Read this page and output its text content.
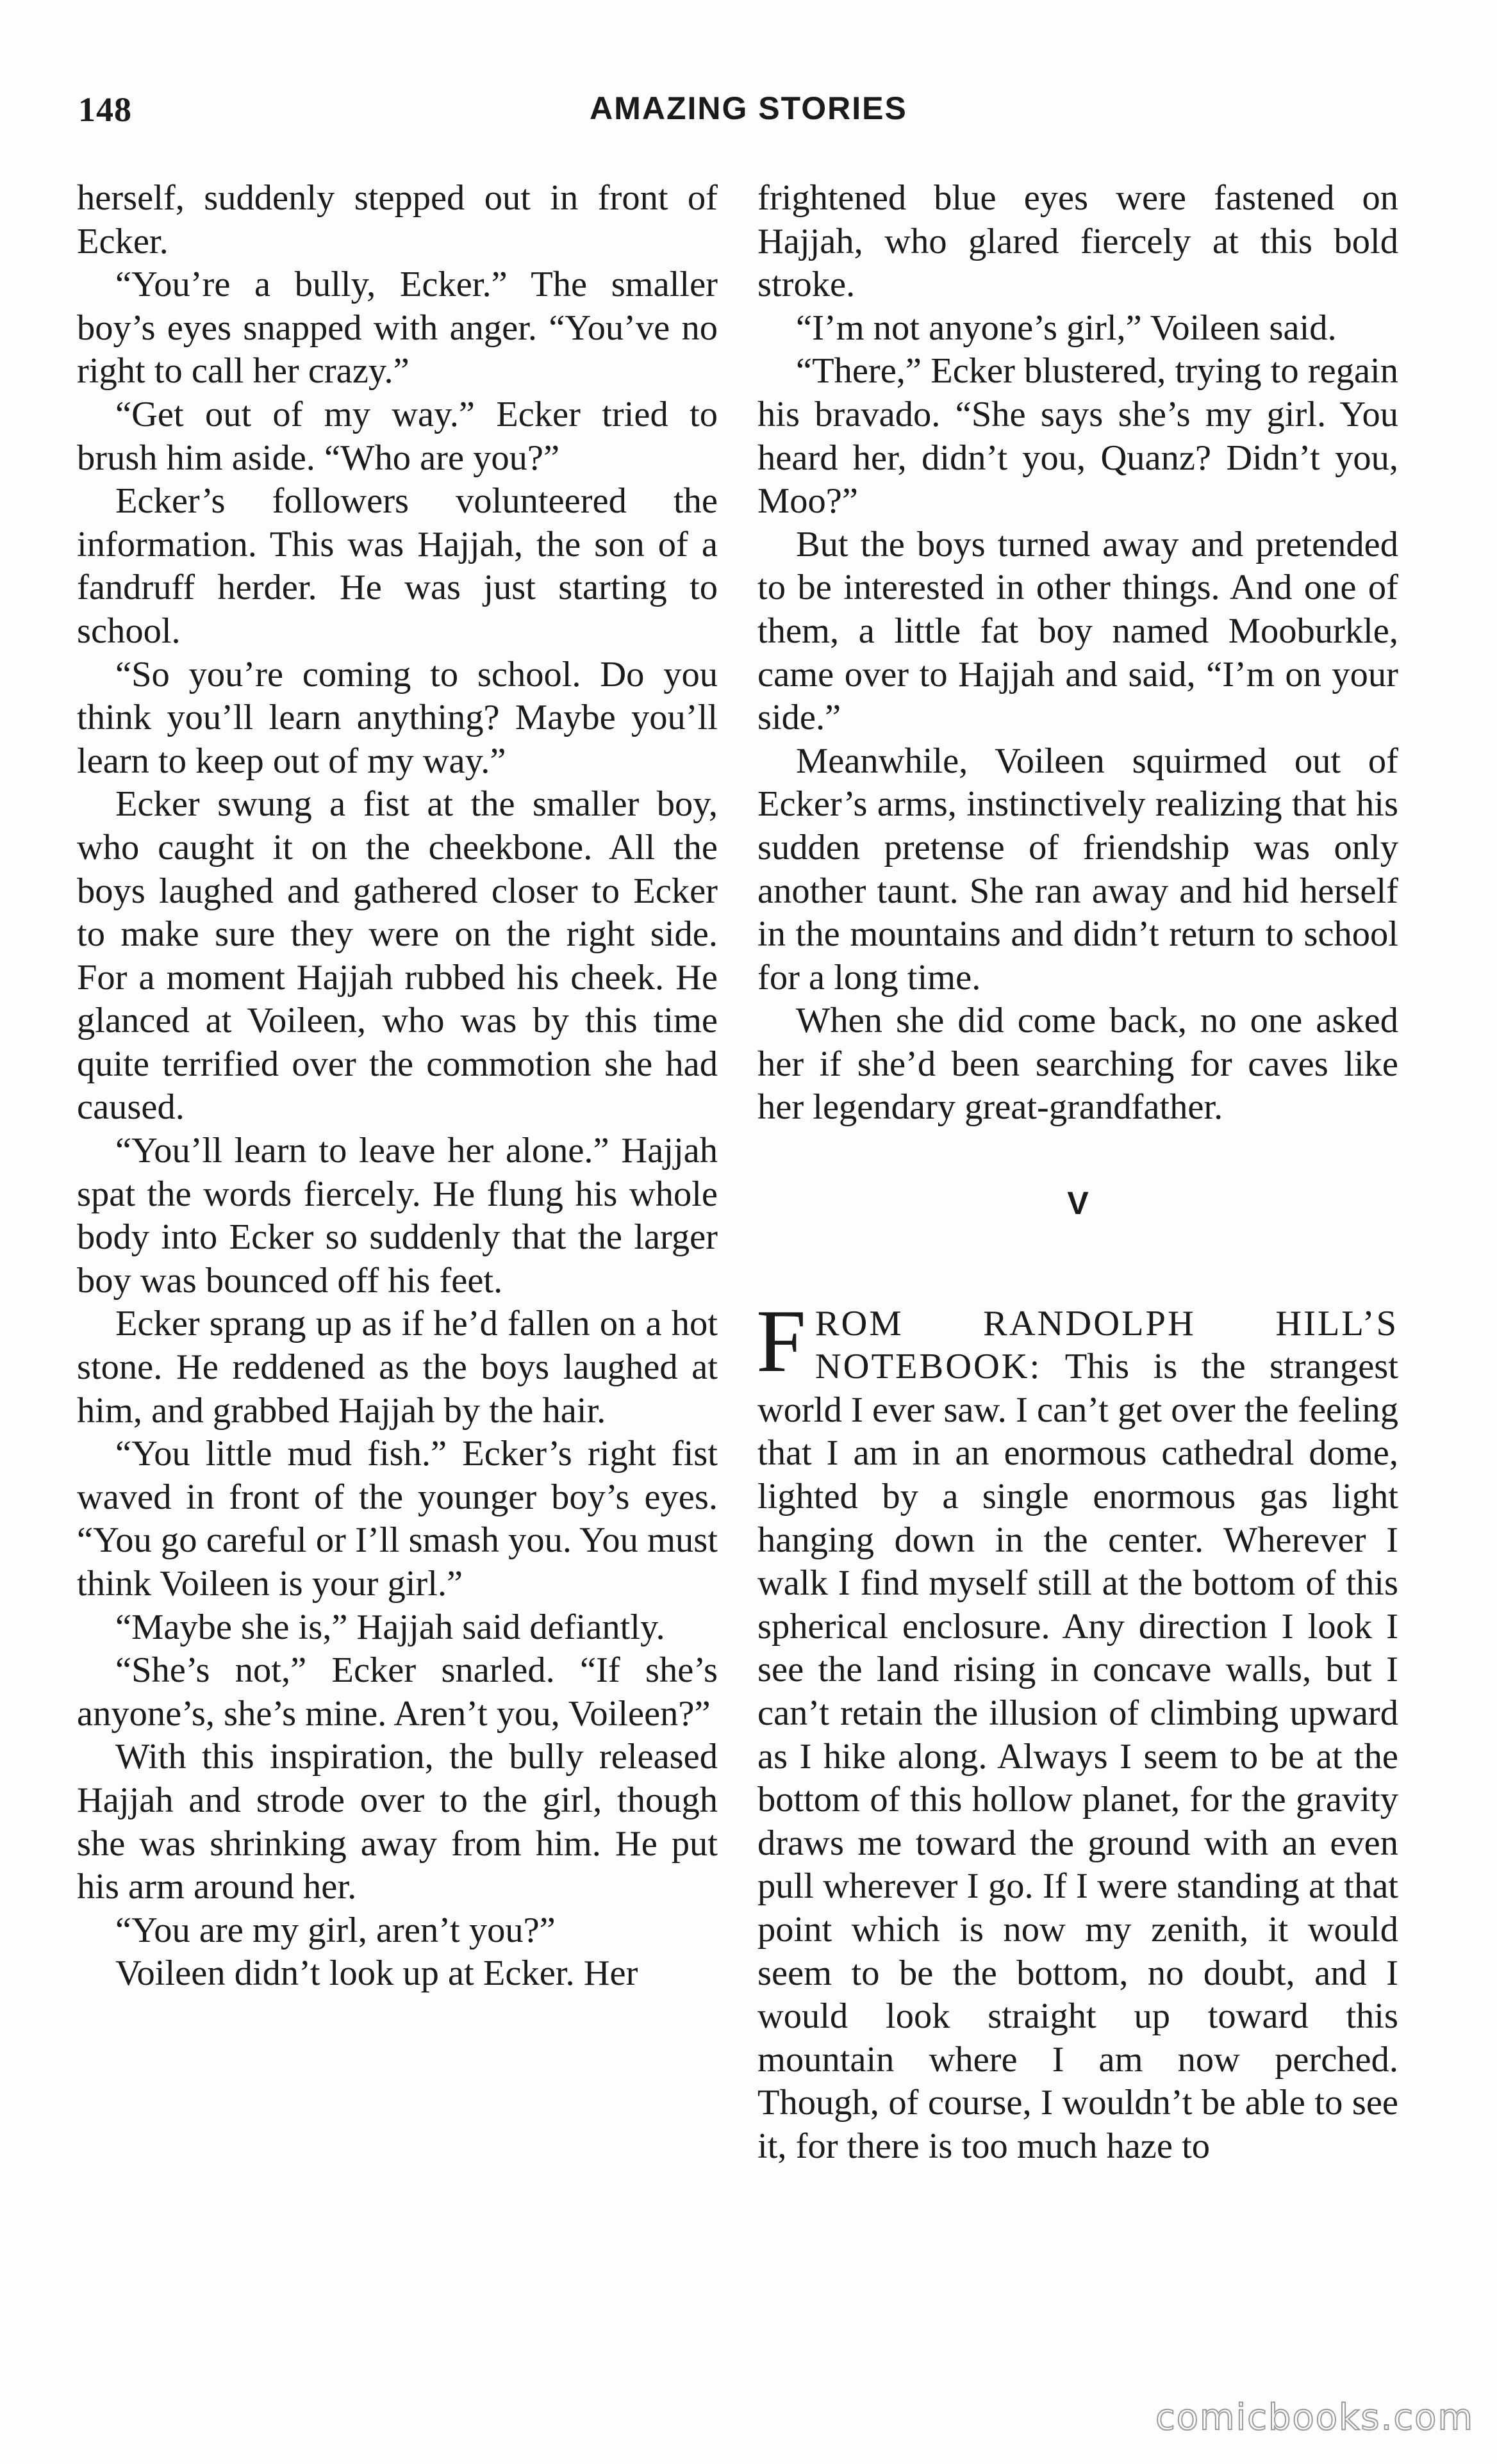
148	AMAZING STORIES

herself, suddenly stepped out in front of Ecker.

“You’re a bully, Ecker.” The smaller boy’s eyes snapped with anger. “You’ve no right to call her crazy.”

“Get out of my way.” Ecker tried to brush him aside. “Who are you?”

Ecker’s followers volunteered the information. This was Hajjah, the son of a fandruff herder. He was just starting to school.

“So you’re coming to school. Do you think you’ll learn anything? Maybe you’ll learn to keep out of my way.”

Ecker swung a fist at the smaller boy, who caught it on the cheekbone. All the boys laughed and gathered closer to Ecker to make sure they were on the right side. For a moment Hajjah rubbed his cheek. He glanced at Voileen, who was by this time quite terrified over the commotion she had caused.

“You’ll learn to leave her alone.” Hajjah spat the words fiercely. He flung his whole body into Ecker so suddenly that the larger boy was bounced off his feet.

Ecker sprang up as if he’d fallen on a hot stone. He reddened as the boys laughed at him, and grabbed Hajjah by the hair.

“You little mud fish.” Ecker’s right fist waved in front of the younger boy’s eyes. “You go careful or I’ll smash you. You must think Voileen is your girl.”

“Maybe she is,” Hajjah said defiantly.

“She’s not,” Ecker snarled. “If she’s anyone’s, she’s mine. Aren’t you, Voileen?”

With this inspiration, the bully released Hajjah and strode over to the girl, though she was shrinking away from him. He put his arm around her.

“You are my girl, aren’t you?”

Voileen didn’t look up at Ecker. Her

frightened blue eyes were fastened on Hajjah, who glared fiercely at this bold stroke.

“I’m not anyone’s girl,” Voileen said.

“There,” Ecker blustered, trying to regain his bravado. “She says she’s my girl. You heard her, didn’t you, Quanz? Didn’t you, Moo?”

But the boys turned away and pretended to be interested in other things. And one of them, a little fat boy named Mooburkle, came over to Hajjah and said, “I’m on your side.”

Meanwhile, Voileen squirmed out of Ecker’s arms, instinctively realizing that his sudden pretense of friendship was only another taunt. She ran away and hid herself in the mountains and didn’t return to school for a long time.

When she did come back, no one asked her if she’d been searching for caves like her legendary great-grandfather.

V

FROM RANDOLPH HILL’S NOTEBOOK: This is the strangest world I ever saw. I can’t get over the feeling that I am in an enormous cathedral dome, lighted by a single enormous gas light hanging down in the center. Wherever I walk I find myself still at the bottom of this spherical enclosure. Any direction I look I see the land rising in concave walls, but I can’t retain the illusion of climbing upward as I hike along. Always I seem to be at the bottom of this hollow planet, for the gravity draws me toward the ground with an even pull wherever I go. If I were standing at that point which is now my zenith, it would seem to be the bottom, no doubt, and I would look straight up toward this mountain where I am now perched. Though, of course, I wouldn’t be able to see it, for there is too much haze to

comicbooks.com
